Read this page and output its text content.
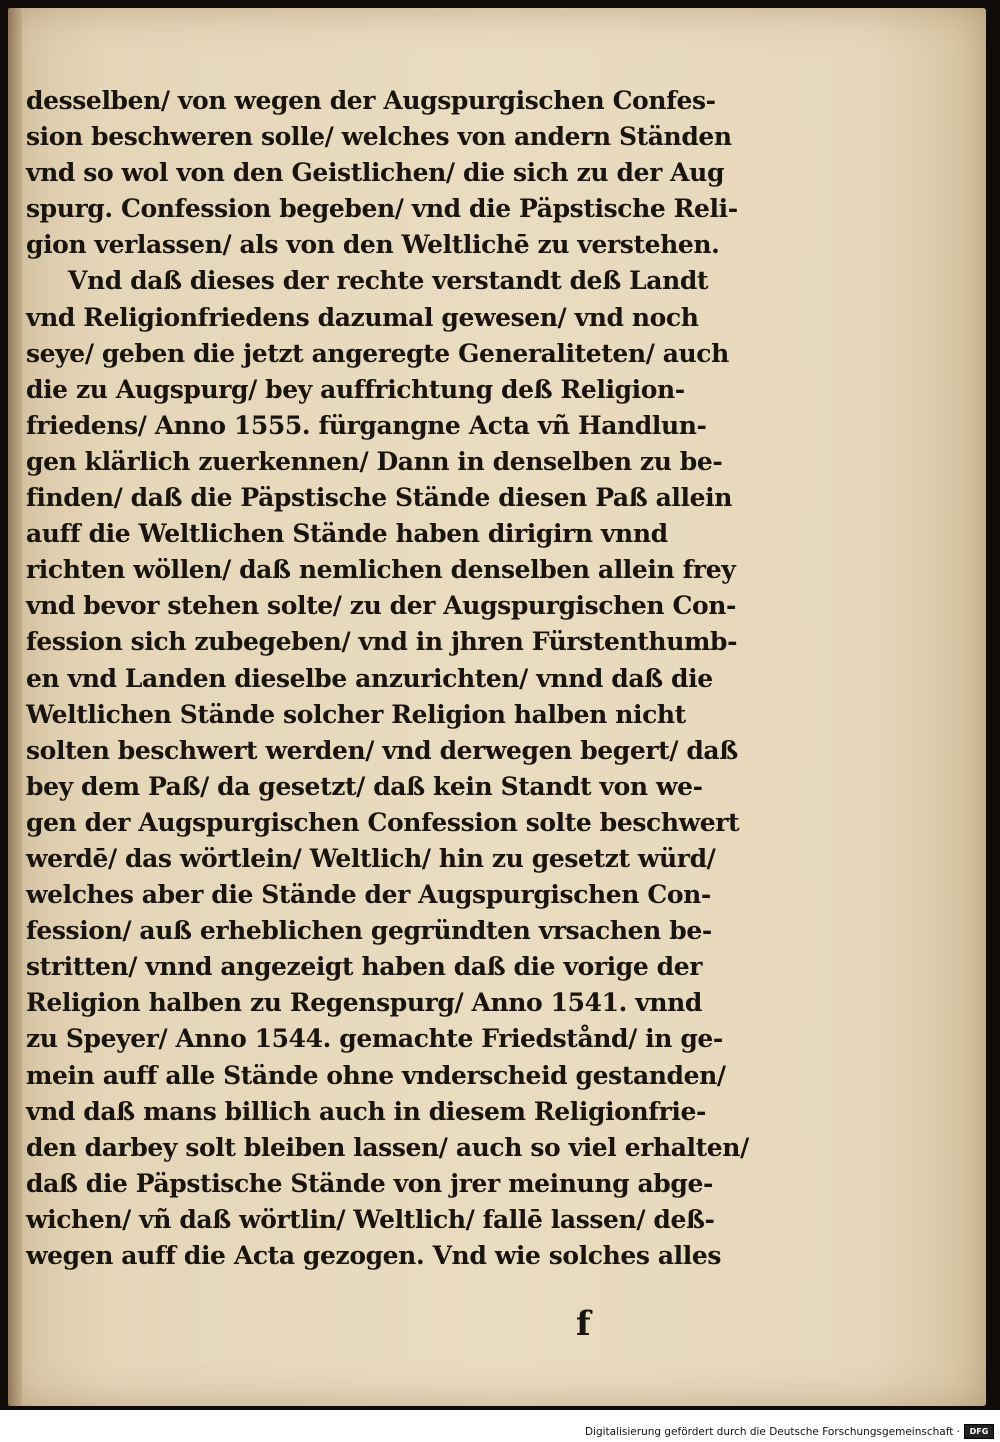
desselben/ von wegen der Augspurgischen Confes-
sion beschweren solle/ welches von andern Ständen
vnd so wol von den Geistlichen/ die sich zu der Aug
spurg. Confession begeben/ vnd die Päpstische Reli-
gion verlassen/ als von den Weltlichē zu verstehen.
Vnd daß dieses der rechte verstandt deß Landt
vnd Religionfriedens dazumal gewesen/ vnd noch
seye/ geben die jetzt angeregte Generaliteten/ auch
die zu Augspurg/ bey auffrichtung deß Religion-
friedens/ Anno 1555. fürgangne Acta vñ Handlun-
gen klärlich zuerkennen/ Dann in denselben zu be-
finden/ daß die Päpstische Stände diesen Paß allein
auff die Weltlichen Stände haben dirigirn vnnd
richten wöllen/ daß nemlichen denselben allein frey
vnd bevor stehen solte/ zu der Augspurgischen Con-
fession sich zubegeben/ vnd in jhren Fürstenthumb-
en vnd Landen dieselbe anzurichten/ vnnd daß die
Weltlichen Stände solcher Religion halben nicht
solten beschwert werden/ vnd derwegen begert/ daß
bey dem Paß/ da gesetzt/ daß kein Standt von we-
gen der Augspurgischen Confession solte beschwert
werdē/ das wörtlein/ Weltlich/ hin zu gesetzt würd/
welches aber die Stände der Augspurgischen Con-
fession/ auß erheblichen gegründten vrsachen be-
stritten/ vnnd angezeigt haben daß die vorige der
Religion halben zu Regenspurg/ Anno 1541. vnnd
zu Speyer/ Anno 1544. gemachte Friedstånd/ in ge-
mein auff alle Stände ohne vnderscheid gestanden/
vnd daß mans billich auch in diesem Religionfrie-
den darbey solt bleiben lassen/ auch so viel erhalten/
daß die Päpstische Stände von jrer meinung abge-
wichen/ vñ daß wörtlin/ Weltlich/ fallē lassen/ deß-
wegen auff die Acta gezogen. Vnd wie solches alles
f
Digitalisierung gefördert durch die Deutsche Forschungsgemeinschaft ·	DFG
